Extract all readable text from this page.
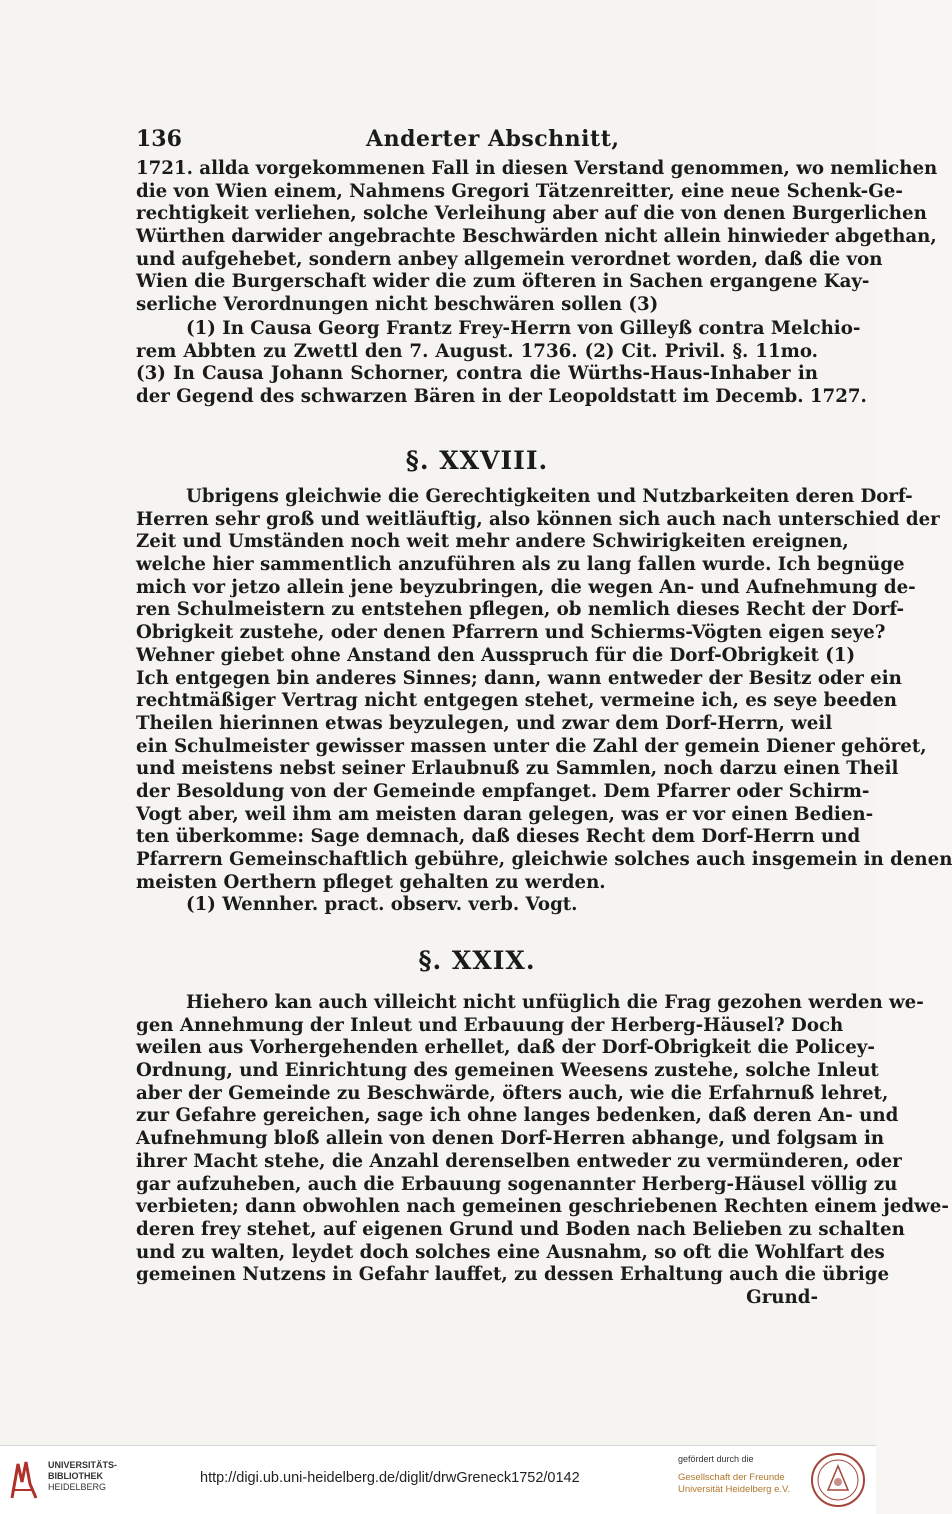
136	Anderter Abschnitt,
1721. allda vorgekommenen Fall in diesen Verstand genommen, wo nemlichen
die von Wien einem, Nahmens Gregori Tätzenreitter, eine neue Schenk-Ge-
rechtigkeit verliehen, solche Verleihung aber auf die von denen Burgerlichen
Würthen darwider angebrachte Beschwärden nicht allein hinwieder abgethan,
und aufgehebet, sondern anbey allgemein verordnet worden, daß die von
Wien die Burgerschaft wider die zum öfteren in Sachen ergangene Kay-
serliche Verordnungen nicht beschwären sollen (3)
(1) In Causa Georg Frantz Frey-Herrn von Gilleyß contra Melchio-
rem Abbten zu Zwettl den 7. August. 1736. (2) Cit. Privil. §. 11mo.
(3) In Causa Johann Schorner, contra die Würths-Haus-Inhaber in
der Gegend des schwarzen Bären in der Leopoldstatt im Decemb. 1727.
§. XXVIII.
Ubrigens gleichwie die Gerechtigkeiten und Nutzbarkeiten deren Dorf-
Herren sehr groß und weitläuftig, also können sich auch nach unterschied der
Zeit und Umständen noch weit mehr andere Schwirigkeiten ereignen,
welche hier sammentlich anzuführen als zu lang fallen wurde. Ich begnüge
mich vor jetzo allein jene beyzubringen, die wegen An- und Aufnehmung de-
ren Schulmeistern zu entstehen pflegen, ob nemlich dieses Recht der Dorf-
Obrigkeit zustehe, oder denen Pfarrern und Schierms-Vögten eigen seye?
Wehner giebet ohne Anstand den Ausspruch für die Dorf-Obrigkeit (1)
Ich entgegen bin anderes Sinnes; dann, wann entweder der Besitz oder ein
rechtmäßiger Vertrag nicht entgegen stehet, vermeine ich, es seye beeden
Theilen hierinnen etwas beyzulegen, und zwar dem Dorf-Herrn, weil
ein Schulmeister gewisser massen unter die Zahl der gemein Diener gehöret,
und meistens nebst seiner Erlaubnuß zu Sammlen, noch darzu einen Theil
der Besoldung von der Gemeinde empfanget. Dem Pfarrer oder Schirm-
Vogt aber, weil ihm am meisten daran gelegen, was er vor einen Bedien-
ten überkomme: Sage demnach, daß dieses Recht dem Dorf-Herrn und
Pfarrern Gemeinschaftlich gebühre, gleichwie solches auch insgemein in denen
meisten Oerthern pfleget gehalten zu werden.
(1) Wennher. pract. observ. verb. Vogt.
§. XXIX.
Hiehero kan auch villeicht nicht unfüglich die Frag gezohen werden we-
gen Annehmung der Inleut und Erbauung der Herberg-Häusel? Doch
weilen aus Vorhergehenden erhellet, daß der Dorf-Obrigkeit die Policey-
Ordnung, und Einrichtung des gemeinen Weesens zustehe, solche Inleut
aber der Gemeinde zu Beschwärde, öfters auch, wie die Erfahrnuß lehret,
zur Gefahre gereichen, sage ich ohne langes bedenken, daß deren An- und
Aufnehmung bloß allein von denen Dorf-Herren abhange, und folgsam in
ihrer Macht stehe, die Anzahl derenselben entweder zu vermünderen, oder
gar aufzuheben, auch die Erbauung sogenannter Herberg-Häusel völlig zu
verbieten; dann obwohlen nach gemeinen geschriebenen Rechten einem jedwe-
deren frey stehet, auf eigenen Grund und Boden nach Belieben zu schalten
und zu walten, leydet doch solches eine Ausnahm, so oft die Wohlfart des
gemeinen Nutzens in Gefahr lauffet, zu dessen Erhaltung auch die übrige
Grund-
UNIVERSITÄTS-
BIBLIOTHEK
HEIDELBERG
http://digi.ub.uni-heidelberg.de/diglit/drwGreneck1752/0142
gefördert durch die
Gesellschaft der Freunde
Universität Heidelberg e.V.
